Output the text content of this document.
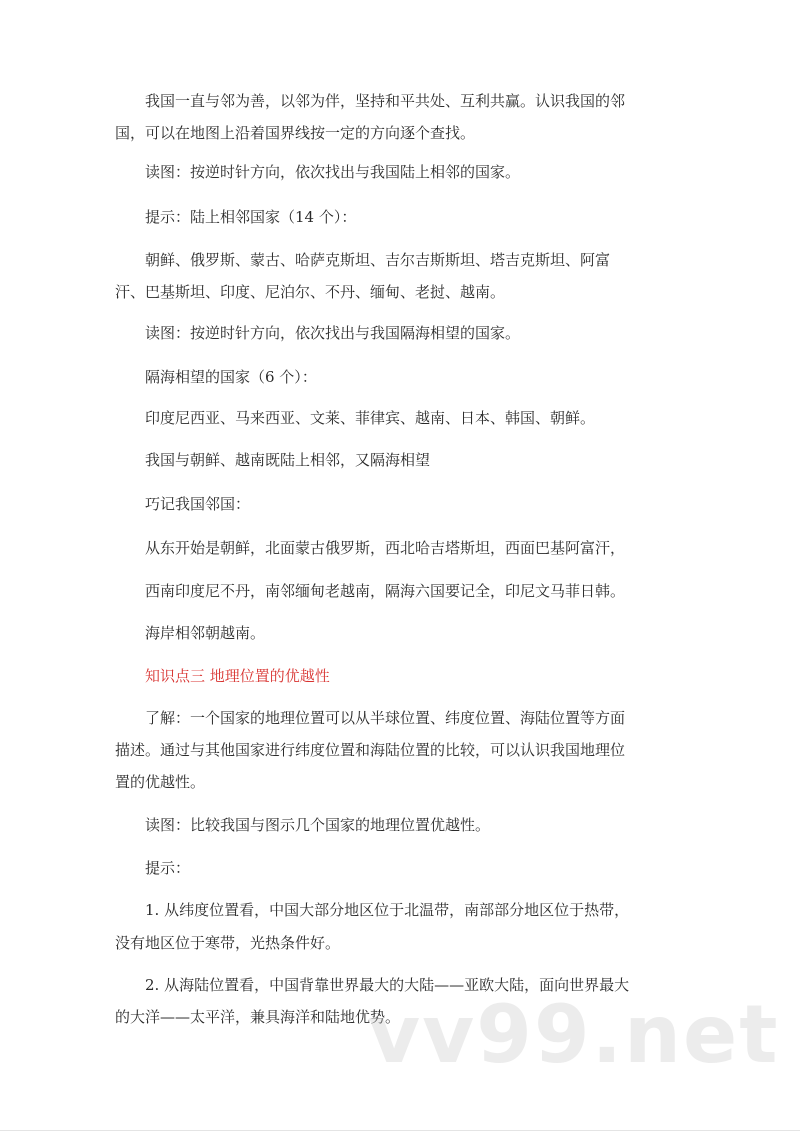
我国一直与邻为善，以邻为伴，坚持和平共处、互利共赢。认识我国的邻
国，可以在地图上沿着国界线按一定的方向逐个查找。
读图：按逆时针方向，依次找出与我国陆上相邻的国家。
提示：陆上相邻国家（14 个）：
朝鲜、俄罗斯、蒙古、哈萨克斯坦、吉尔吉斯斯坦、塔吉克斯坦、阿富
汗、巴基斯坦、印度、尼泊尔、不丹、缅甸、老挝、越南。
读图：按逆时针方向，依次找出与我国隔海相望的国家。
隔海相望的国家（6 个）：
印度尼西亚、马来西亚、文莱、菲律宾、越南、日本、韩国、朝鲜。
我国与朝鲜、越南既陆上相邻，又隔海相望
巧记我国邻国：
从东开始是朝鲜，北面蒙古俄罗斯，西北哈吉塔斯坦，西面巴基阿富汗，
西南印度尼不丹，南邻缅甸老越南，隔海六国要记全，印尼文马菲日韩。
海岸相邻朝越南。
知识点三 地理位置的优越性
了解：一个国家的地理位置可以从半球位置、纬度位置、海陆位置等方面
描述。通过与其他国家进行纬度位置和海陆位置的比较，可以认识我国地理位
置的优越性。
读图：比较我国与图示几个国家的地理位置优越性。
提示：
1. 从纬度位置看，中国大部分地区位于北温带，南部部分地区位于热带，
没有地区位于寒带，光热条件好。
2. 从海陆位置看，中国背靠世界最大的大陆——亚欧大陆，面向世界最大
的大洋——太平洋，兼具海洋和陆地优势。
vv99.net
